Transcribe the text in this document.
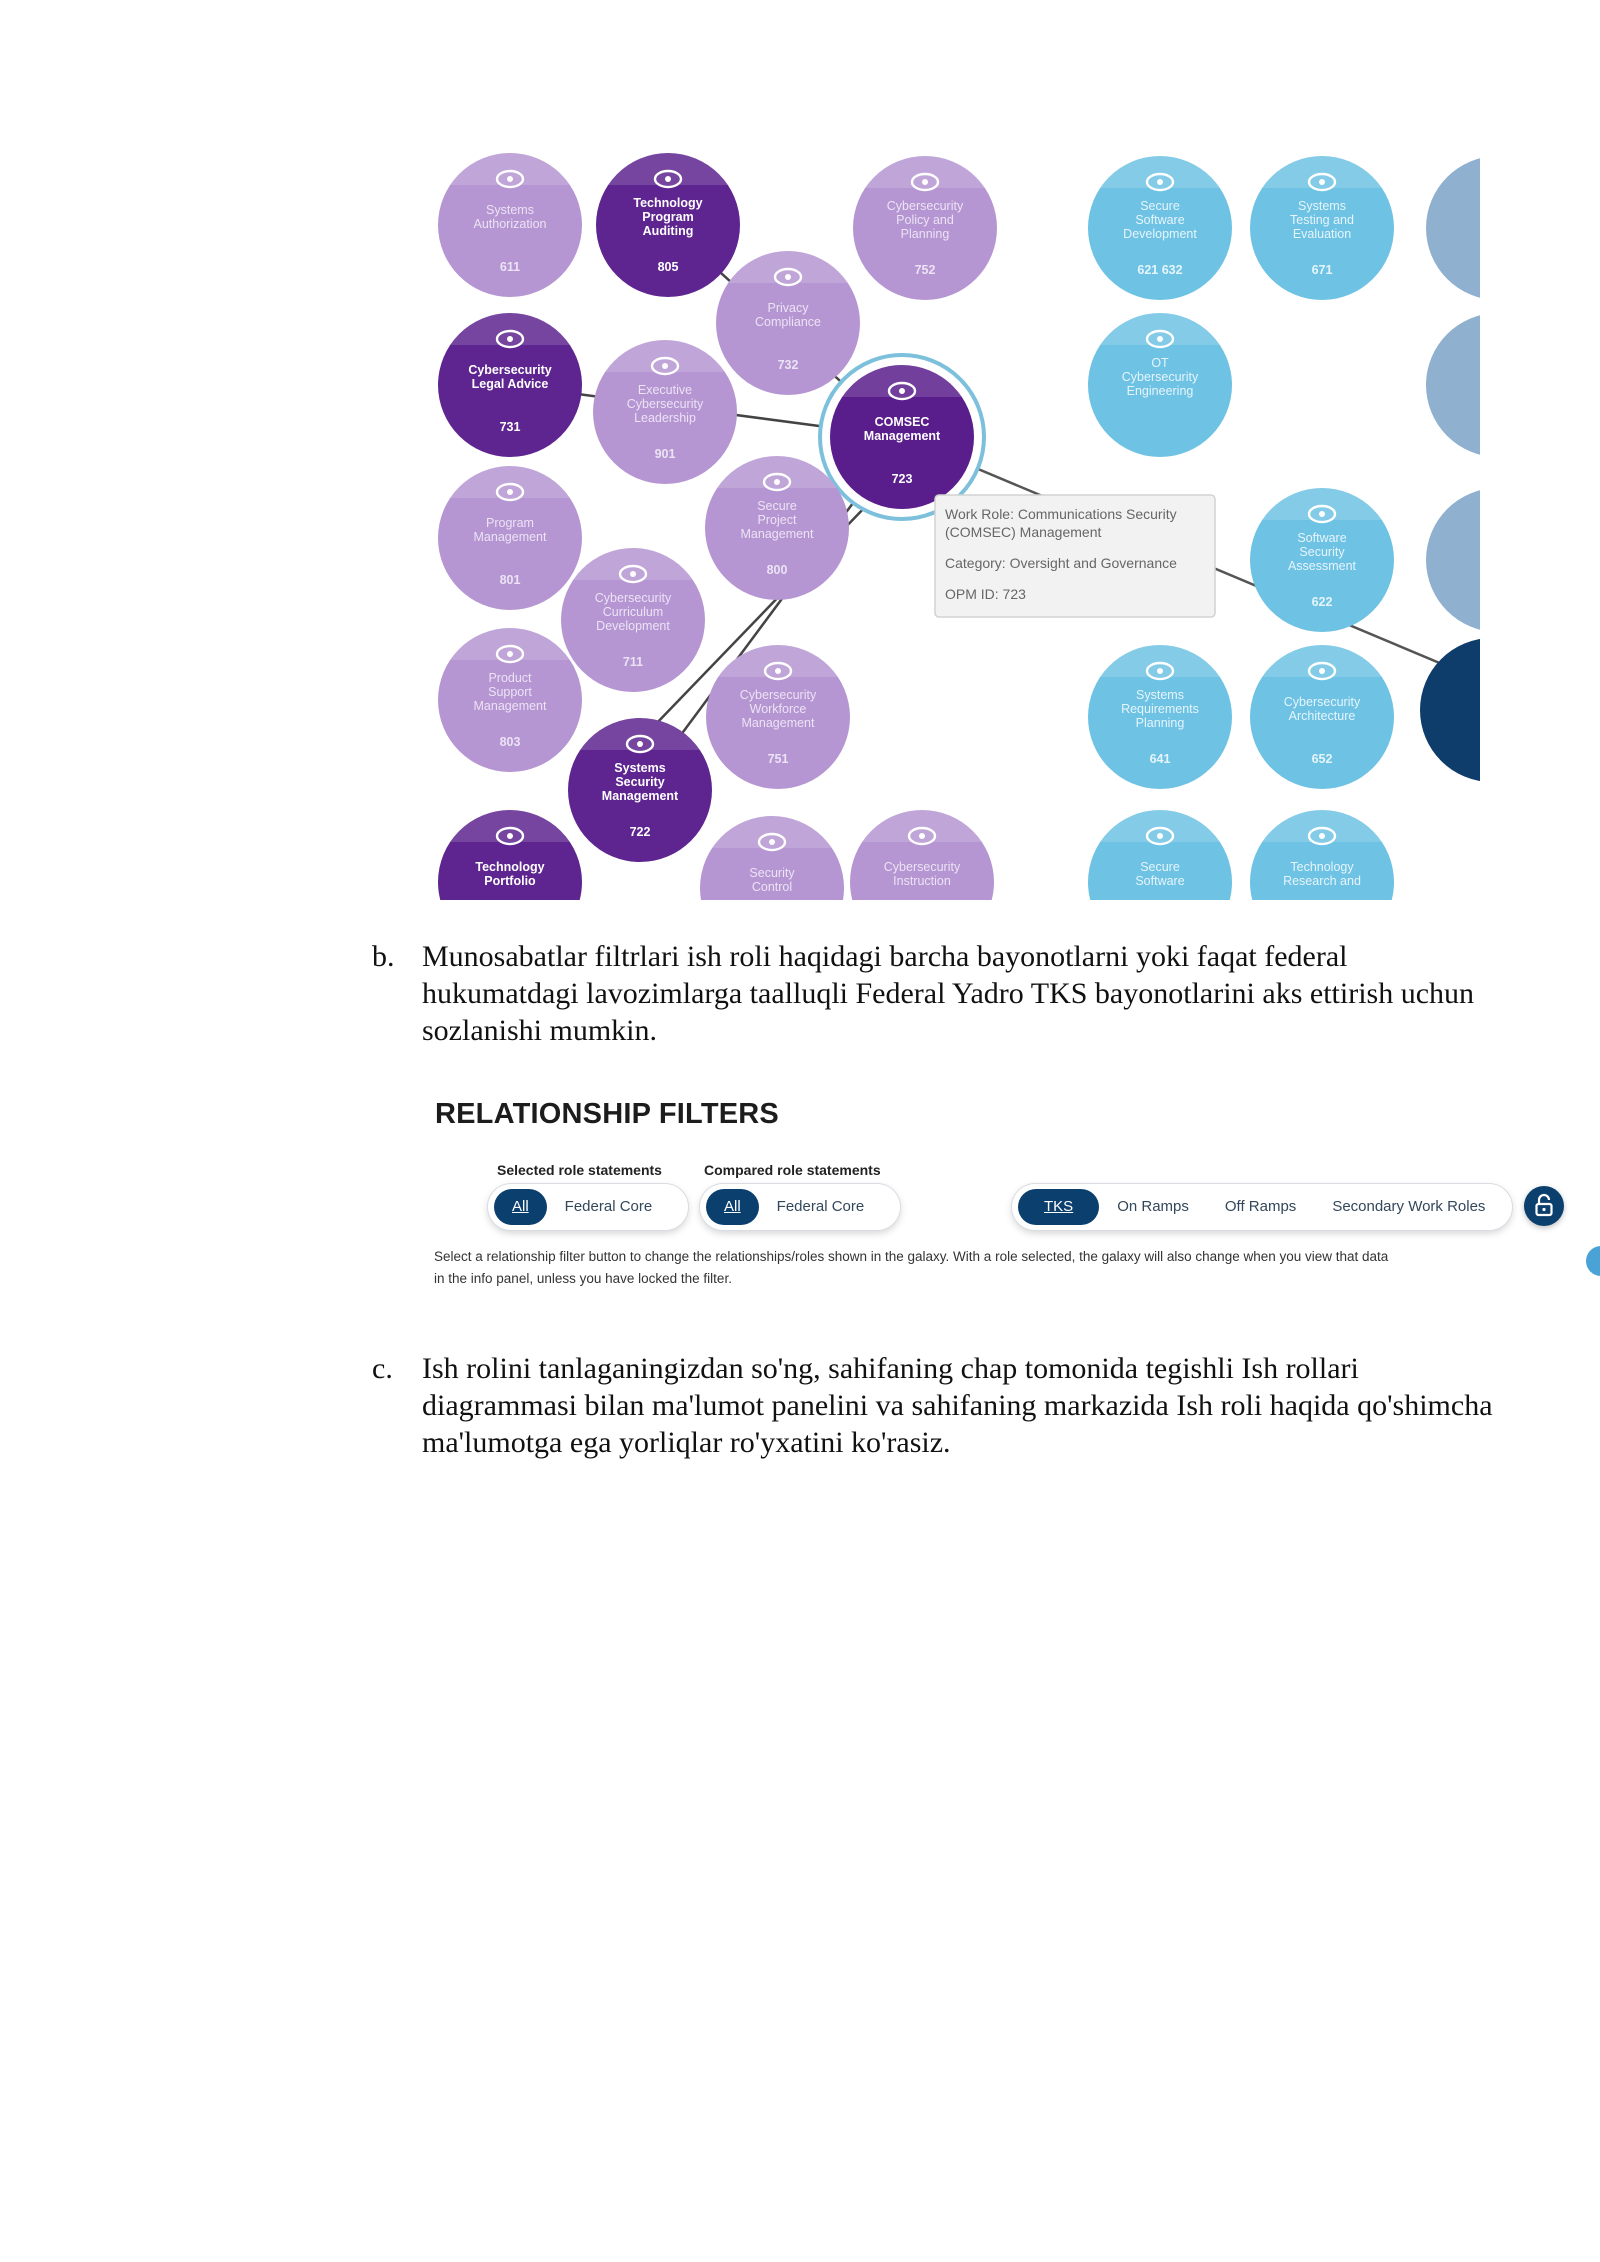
Systems
Authorization
611
Technology
Program
Auditing
805
Cybersecurity
Policy and
Planning
752
Privacy
Compliance
732
Cybersecurity
Legal Advice
731
Executive
Cybersecurity
Leadership
901
COMSEC
Management
723
Program
Management
801
Secure
Project
Management
800
Cybersecurity
Curriculum
Development
711
Product
Support
Management
803
Cybersecurity
Workforce
Management
751
Systems
Security
Management
722
Technology
Portfolio
Security
Control
Cybersecurity
Instruction
Secure
Software
Development
621 632
Systems
Testing and
Evaluation
671
OT
Cybersecurity
Engineering
Software
Security
Assessment
622
Systems
Requirements
Planning
641
Cybersecurity
Architecture
652
Secure
Software
Technology
Research and
Work Role: Communications Security
(COMSEC) Management
Category: Oversight and Governance
OPM ID: 723
b. Munosabatlar filtrlari ish roli haqidagi barcha bayonotlarni yoki faqat federal hukumatdagi lavozimlarga taalluqli Federal Yadro TKS bayonotlarini aks ettirish uchun sozlanishi mumkin.
RELATIONSHIP FILTERS
Selected role statements	Compared role statements
All	Federal Core	All	Federal Core	TKS	On Ramps	Off Ramps	Secondary Work Roles
Select a relationship filter button to change the relationships/roles shown in the galaxy. With a role selected, the galaxy will also change when you view that data
in the info panel, unless you have locked the filter.
c. Ish rolini tanlaganingizdan so'ng, sahifaning chap tomonida tegishli Ish rollari diagrammasi bilan ma'lumot panelini va sahifaning markazida Ish roli haqida qo'shimcha ma'lumotga ega yorliqlar ro'yxatini ko'rasiz.
